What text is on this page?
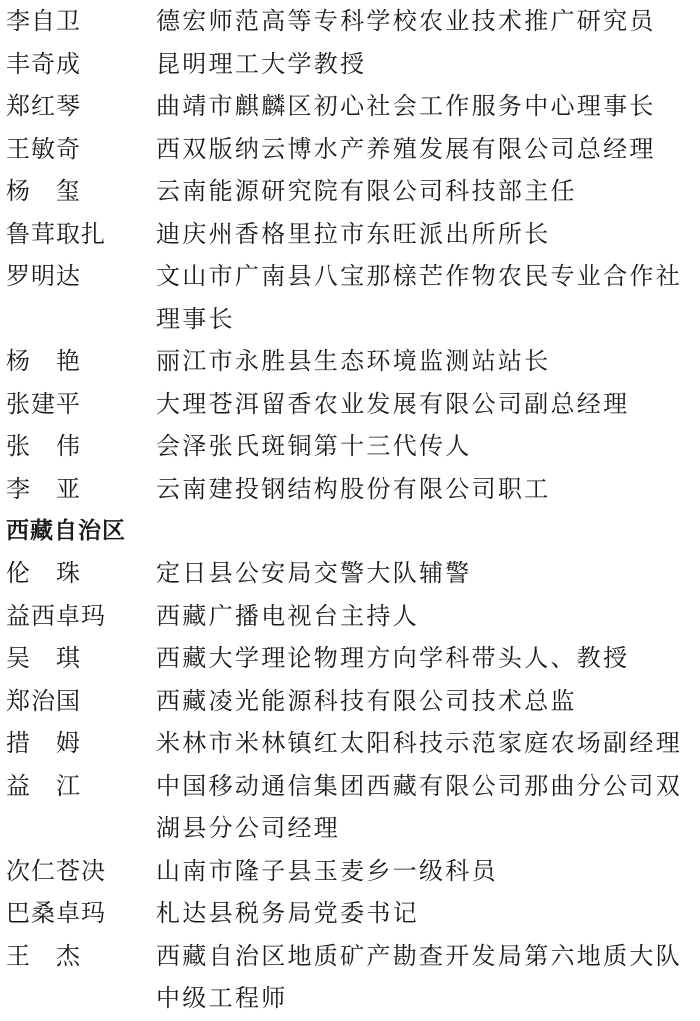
李自卫	德宏师范高等专科学校农业技术推广研究员
丰奇成	昆明理工大学教授
郑红琴	曲靖市麒麟区初心社会工作服务中心理事长
王敏奇	西双版纳云博水产养殖发展有限公司总经理
杨　玺	云南能源研究院有限公司科技部主任
鲁茸取扎	迪庆州香格里拉市东旺派出所所长
罗明达	文山市广南县八宝那榇芒作物农民专业合作社理事长
杨　艳	丽江市永胜县生态环境监测站站长
张建平	大理苍洱留香农业发展有限公司副总经理
张　伟	会泽张氏斑铜第十三代传人
李　亚	云南建投钢结构股份有限公司职工
西藏自治区
伦　珠	定日县公安局交警大队辅警
益西卓玛	西藏广播电视台主持人
吴　琪	西藏大学理论物理方向学科带头人、教授
郑治国	西藏凌光能源科技有限公司技术总监
措　姆	米林市米林镇红太阳科技示范家庭农场副经理
益　江	中国移动通信集团西藏有限公司那曲分公司双湖县分公司经理
次仁苍决	山南市隆子县玉麦乡一级科员
巴桑卓玛	札达县税务局党委书记
王　杰	西藏自治区地质矿产勘查开发局第六地质大队中级工程师
